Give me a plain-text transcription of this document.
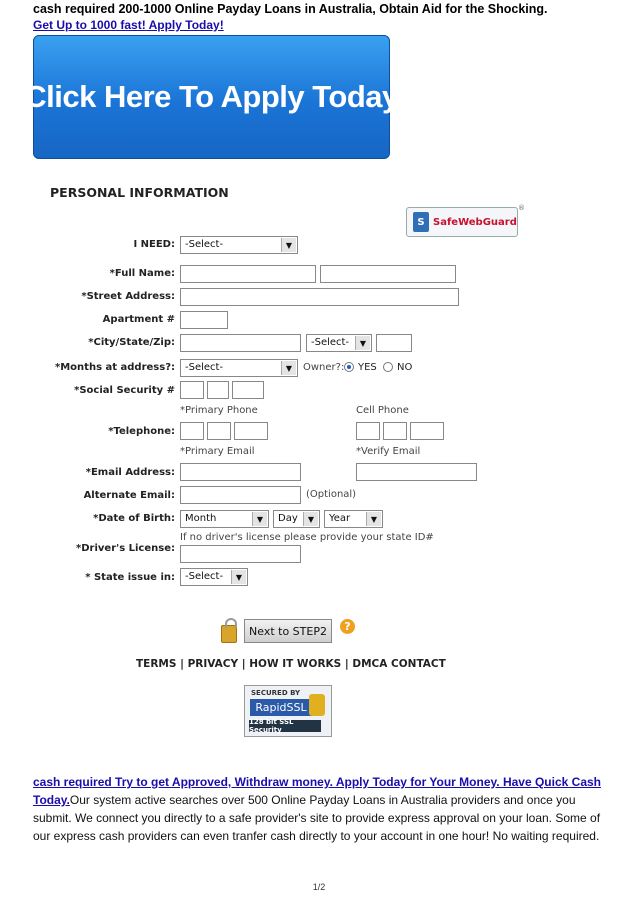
cash required 200-1000 Online Payday Loans in Australia, Obtain Aid for the Shocking.
Get Up to 1000 fast! Apply Today!
Click Here To Apply Today
PERSONAL INFORMATION
S SafeWebGuard
®
I NEED:	-Select-	▼
*Full Name:
*Street Address:
Apartment #
*City/State/Zip:	-Select-	▼
*Months at address?:	-Select-	▼	Owner?: YES NO
*Social Security #
*Primary Phone	Cell Phone
*Telephone:
*Primary Email	*Verify Email
*Email Address:
Alternate Email:	(Optional)
*Date of Birth:	Month	▼	Day	▼	Year	▼
If no driver's license please provide your state ID#
*Driver's License:
* State issue in:	-Select-	▼
Next to STEP2	?
TERMS | PRIVACY | HOW IT WORKS | DMCA CONTACT
SECURED BY
RapidSSL
128 bit SSL Security
cash required Try to get Approved, Withdraw money. Apply Today for Your Money. Have Quick Cash Today.Our system active searches over 500 Online Payday Loans in Australia providers and once you submit. We connect you directly to a safe provider's site to provide express approval on your loan. Some of our express cash providers can even tranfer cash directly to your account in one hour! No waiting required.
1/2
